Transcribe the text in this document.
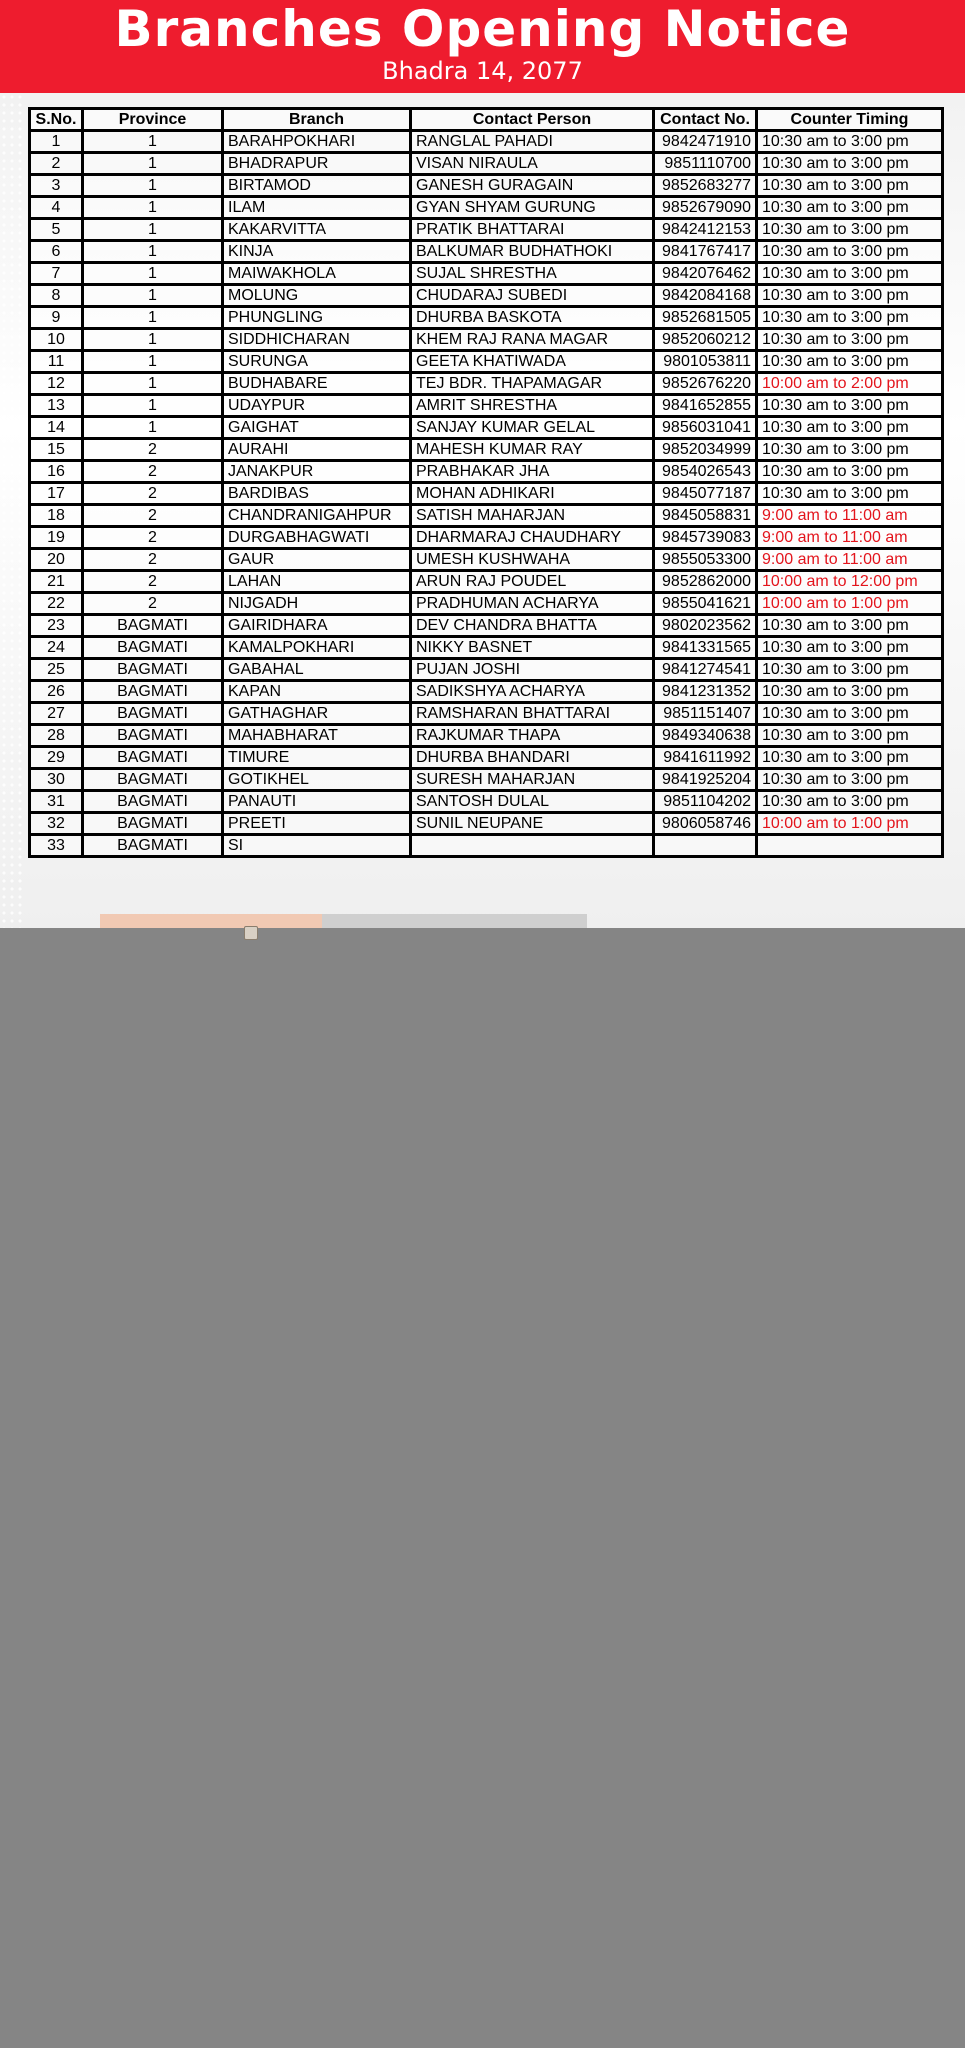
Branches Opening Notice
Bhadra 14, 2077
S.No.	Province	Branch	Contact Person	Contact No.	Counter Timing
1	1	BARAHPOKHARI	RANGLAL PAHADI	9842471910	10:30 am to 3:00 pm
2	1	BHADRAPUR	VISAN NIRAULA	9851110700	10:30 am to 3:00 pm
3	1	BIRTAMOD	GANESH GURAGAIN	9852683277	10:30 am to 3:00 pm
4	1	ILAM	GYAN SHYAM GURUNG	9852679090	10:30 am to 3:00 pm
5	1	KAKARVITTA	PRATIK BHATTARAI	9842412153	10:30 am to 3:00 pm
6	1	KINJA	BALKUMAR BUDHATHOKI	9841767417	10:30 am to 3:00 pm
7	1	MAIWAKHOLA	SUJAL SHRESTHA	9842076462	10:30 am to 3:00 pm
8	1	MOLUNG	CHUDARAJ SUBEDI	9842084168	10:30 am to 3:00 pm
9	1	PHUNGLING	DHURBA BASKOTA	9852681505	10:30 am to 3:00 pm
10	1	SIDDHICHARAN	KHEM RAJ RANA MAGAR	9852060212	10:30 am to 3:00 pm
11	1	SURUNGA	GEETA KHATIWADA	9801053811	10:30 am to 3:00 pm
12	1	BUDHABARE	TEJ BDR. THAPAMAGAR	9852676220	10:00 am to 2:00 pm
13	1	UDAYPUR	AMRIT SHRESTHA	9841652855	10:30 am to 3:00 pm
14	1	GAIGHAT	SANJAY KUMAR GELAL	9856031041	10:30 am to 3:00 pm
15	2	AURAHI	MAHESH KUMAR RAY	9852034999	10:30 am to 3:00 pm
16	2	JANAKPUR	PRABHAKAR JHA	9854026543	10:30 am to 3:00 pm
17	2	BARDIBAS	MOHAN ADHIKARI	9845077187	10:30 am to 3:00 pm
18	2	CHANDRANIGAHPUR	SATISH MAHARJAN	9845058831	9:00 am to 11:00 am
19	2	DURGABHAGWATI	DHARMARAJ CHAUDHARY	9845739083	9:00 am to 11:00 am
20	2	GAUR	UMESH KUSHWAHA	9855053300	9:00 am to 11:00 am
21	2	LAHAN	ARUN RAJ POUDEL	9852862000	10:00 am to 12:00 pm
22	2	NIJGADH	PRADHUMAN ACHARYA	9855041621	10:00 am to 1:00 pm
23	BAGMATI	GAIRIDHARA	DEV CHANDRA BHATTA	9802023562	10:30 am to 3:00 pm
24	BAGMATI	KAMALPOKHARI	NIKKY BASNET	9841331565	10:30 am to 3:00 pm
25	BAGMATI	GABAHAL	PUJAN JOSHI	9841274541	10:30 am to 3:00 pm
26	BAGMATI	KAPAN	SADIKSHYA ACHARYA	9841231352	10:30 am to 3:00 pm
27	BAGMATI	GATHAGHAR	RAMSHARAN BHATTARAI	9851151407	10:30 am to 3:00 pm
28	BAGMATI	MAHABHARAT	RAJKUMAR THAPA	9849340638	10:30 am to 3:00 pm
29	BAGMATI	TIMURE	DHURBA BHANDARI	9841611992	10:30 am to 3:00 pm
30	BAGMATI	GOTIKHEL	SURESH MAHARJAN	9841925204	10:30 am to 3:00 pm
31	BAGMATI	PANAUTI	SANTOSH DULAL	9851104202	10:30 am to 3:00 pm
32	BAGMATI	PREETI	SUNIL NEUPANE	9806058746	10:00 am to 1:00 pm
33	BAGMATI	SI			
